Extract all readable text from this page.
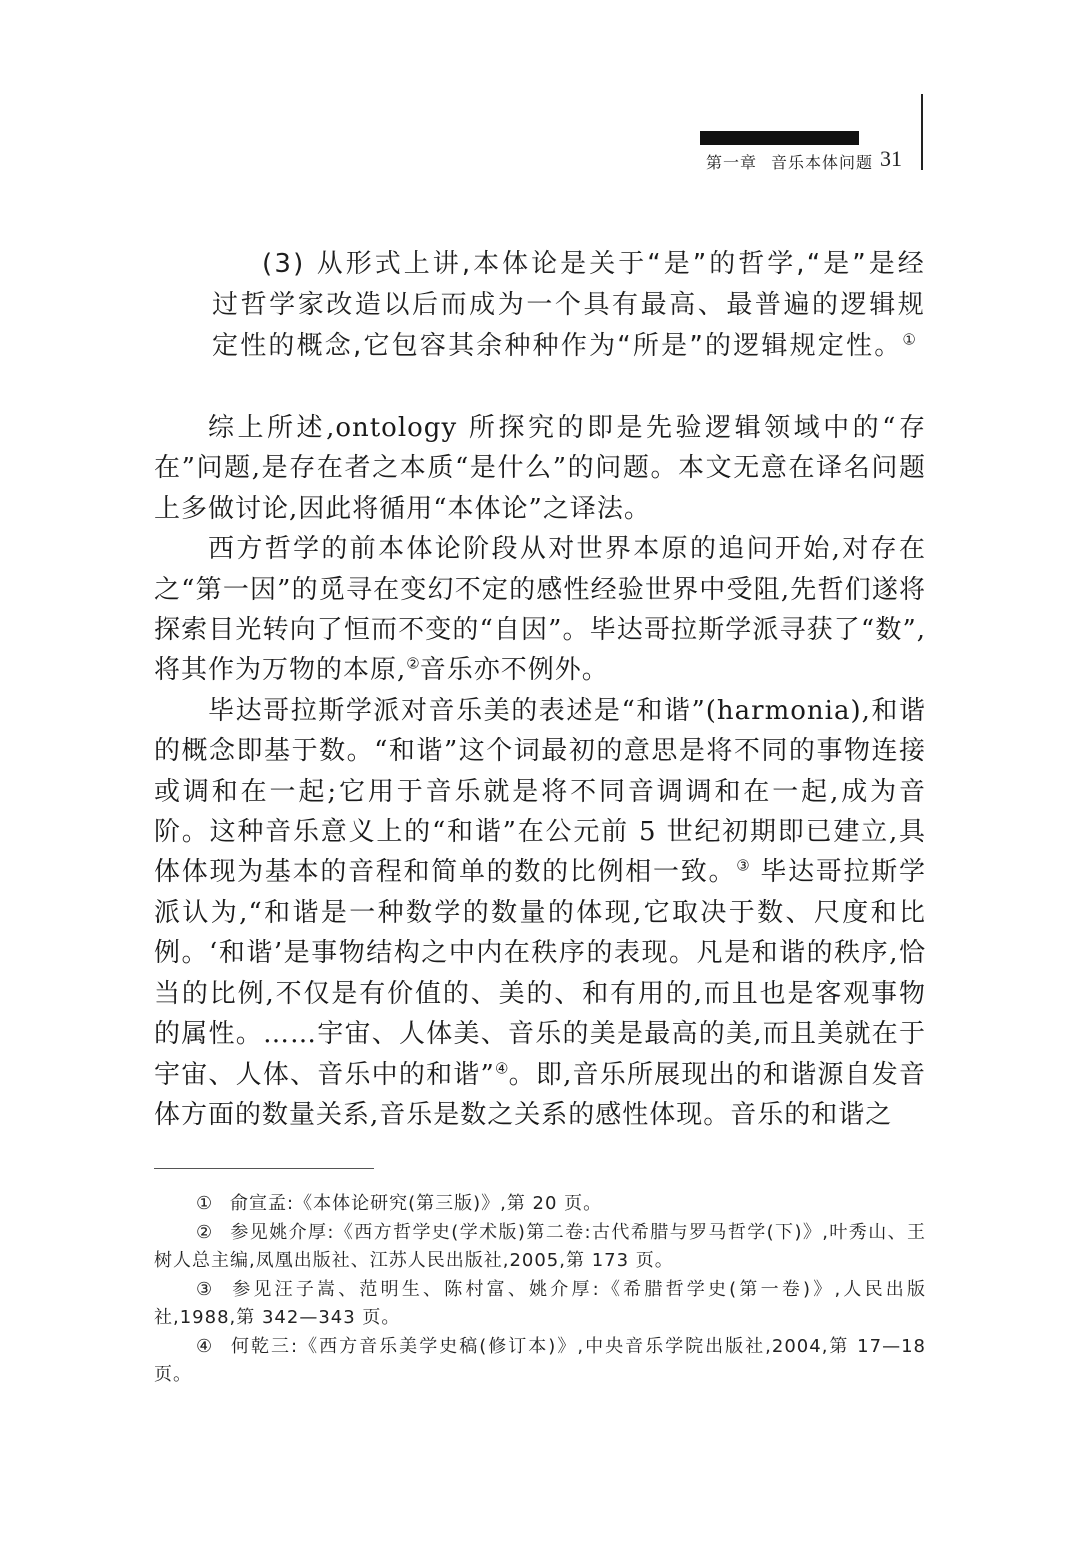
第一章 音乐本体问题 31

(3) 从形式上讲,本体论是关于“是”的哲学,“是”是经过哲学家改造以后而成为一个具有最高、最普遍的逻辑规定性的概念,它包容其余种种作为“所是”的逻辑规定性。①

综上所述,ontology 所探究的即是先验逻辑领域中的“存在”问题,是存在者之本质“是什么”的问题。本文无意在译名问题上多做讨论,因此将循用“本体论”之译法。

西方哲学的前本体论阶段从对世界本原的追问开始,对存在之“第一因”的觅寻在变幻不定的感性经验世界中受阻,先哲们遂将探索目光转向了恒而不变的“自因”。毕达哥拉斯学派寻获了“数”,将其作为万物的本原,②音乐亦不例外。

毕达哥拉斯学派对音乐美的表述是“和谐”(harmonia),和谐的概念即基于数。“和谐”这个词最初的意思是将不同的事物连接或调和在一起;它用于音乐就是将不同音调调和在一起,成为音阶。这种音乐意义上的“和谐”在公元前 5 世纪初期即已建立,具体体现为基本的音程和简单的数的比例相一致。③ 毕达哥拉斯学派认为,“和谐是一种数学的数量的体现,它取决于数、尺度和比例。‘和谐’是事物结构之中内在秩序的表现。凡是和谐的秩序,恰当的比例,不仅是有价值的、美的、和有用的,而且也是客观事物的属性。……宇宙、人体美、音乐的美是最高的美,而且美就在于宇宙、人体、音乐中的和谐”④。即,音乐所展现出的和谐源自发音体方面的数量关系,音乐是数之关系的感性体现。音乐的和谐之

① 俞宣孟:《本体论研究(第三版)》,第 20 页。

② 参见姚介厚:《西方哲学史(学术版)第二卷:古代希腊与罗马哲学(下)》,叶秀山、王树人总主编,凤凰出版社、江苏人民出版社,2005,第 173 页。

③ 参见汪子嵩、范明生、陈村富、姚介厚:《希腊哲学史(第一卷)》,人民出版社,1988,第 342—343 页。

④ 何乾三:《西方音乐美学史稿(修订本)》,中央音乐学院出版社,2004,第 17—18 页。
